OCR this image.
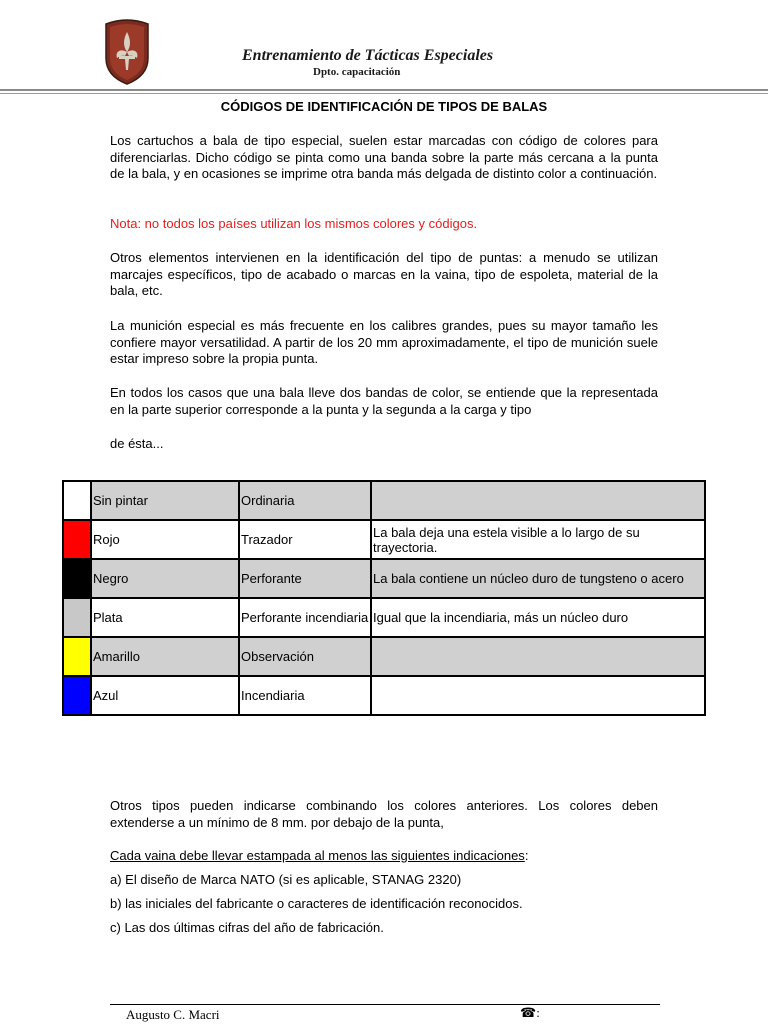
Entrenamiento de Tácticas Especiales
Dpto. capacitación
CÓDIGOS DE IDENTIFICACIÓN DE TIPOS DE BALAS

Los cartuchos a bala de tipo especial, suelen estar marcadas con código de colores para diferenciarlas. Dicho código se pinta como una banda sobre la parte más cercana a la punta de la bala, y en ocasiones se imprime otra banda más delgada de distinto color a continuación.

Nota: no todos los países utilizan los mismos colores y códigos.

Otros elementos intervienen en la identificación del tipo de puntas: a menudo se utilizan marcajes específicos, tipo de acabado o marcas en la vaina, tipo de espoleta, material de la bala, etc.

La munición especial es más frecuente en los calibres grandes, pues su mayor tamaño les confiere mayor versatilidad. A partir de los 20 mm aproximadamente, el tipo de munición suele estar impreso sobre la propia punta.

En todos los casos que una bala lleve dos bandas de color, se entiende que la representada en la parte superior corresponde a la punta y la segunda a la carga y tipo

de ésta...

	Sin pintar	Ordinaria	
	Rojo	Trazador	La bala deja una estela visible a lo largo de su trayectoria.
	Negro	Perforante	La bala contiene un núcleo duro de tungsteno o acero
	Plata	Perforante incendiaria	Igual que la incendiaria, más un núcleo duro
	Amarillo	Observación	
	Azul	Incendiaria	

Otros tipos pueden indicarse combinando los colores anteriores. Los colores deben extenderse a un mínimo de 8 mm. por debajo de la punta,

Cada vaina debe llevar estampada al menos las siguientes indicaciones:

a) El diseño de Marca NATO (si es aplicable, STANAG 2320)

b) las iniciales del fabricante o caracteres de identificación reconocidos.

c) Las dos últimas cifras del año de fabricación.

Augusto C. Macri	☎:
